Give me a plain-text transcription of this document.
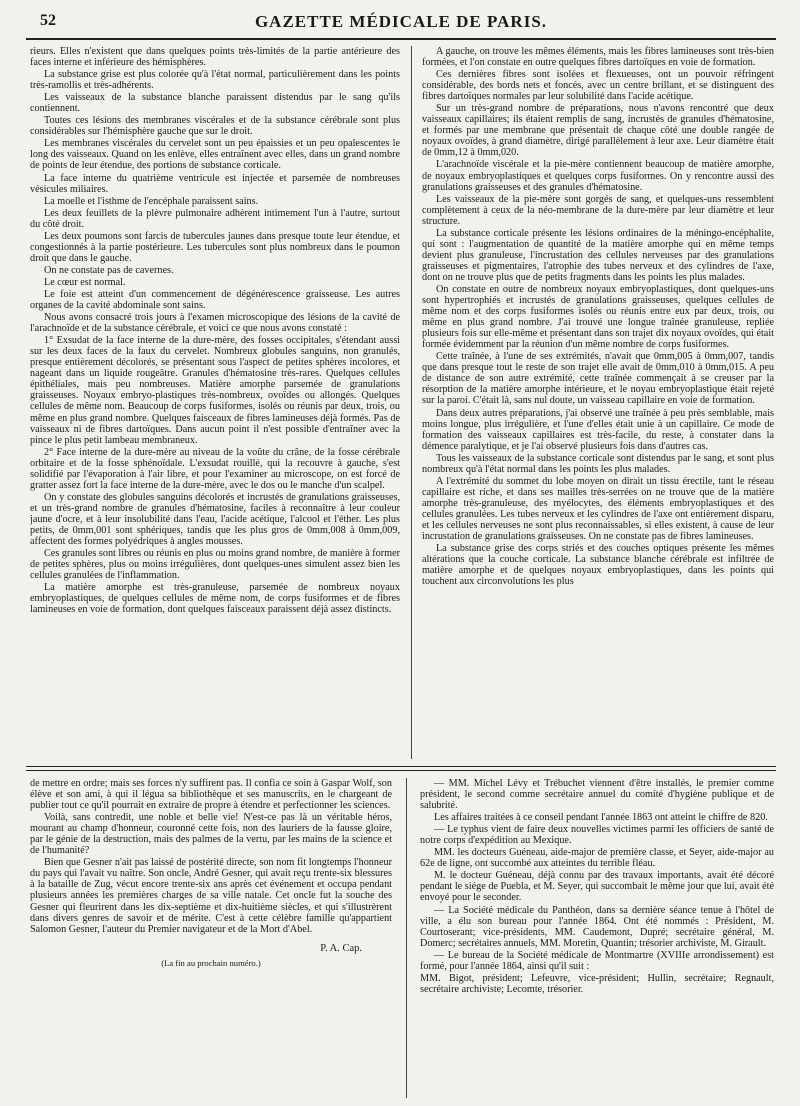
52	GAZETTE MÉDICALE DE PARIS.

rieurs. Elles n'existent que dans quelques points très-limités de la partie antérieure des faces interne et inférieure des hémisphères.

La substance grise est plus colorée qu'à l'état normal, particulièrement dans les points très-ramollis et très-adhérents.

Les vaisseaux de la substance blanche paraissent distendus par le sang qu'ils contiennent.

Toutes ces lésions des membranes viscérales et de la substance cérébrale sont plus considérables sur l'hémisphère gauche que sur le droit.

Les membranes viscérales du cervelet sont un peu épaissies et un peu opalescentes le long des vaisseaux. Quand on les enlève, elles entraînent avec elles, dans un grand nombre de points de leur étendue, des portions de substance corticale.

La face interne du quatrième ventricule est injectée et parsemée de nombreuses vésicules miliaires.

La moelle et l'isthme de l'encéphale paraissent sains.

Les deux feuillets de la plèvre pulmonaire adhèrent intimement l'un à l'autre, surtout du côté droit.

Les deux poumons sont farcis de tubercules jaunes dans presque toute leur étendue, et congestionnés à la partie postérieure. Les tubercules sont plus nombreux dans le poumon droit que dans le gauche.

On ne constate pas de cavernes.

Le cœur est normal.

Le foie est atteint d'un commencement de dégénérescence graisseuse. Les autres organes de la cavité abdominale sont sains.

Nous avons consacré trois jours à l'examen microscopique des lésions de la cavité de l'arachnoïde et de la substance cérébrale, et voici ce que nous avons constaté :

1° Exsudat de la face interne de la dure-mère, des fosses occipitales, s'étendant aussi sur les deux faces de la faux du cervelet. Nombreux globules sanguins, non granulés, presque entièrement décolorés, se présentant sous l'aspect de petites sphères incolores, et nageant dans un liquide rougeâtre. Granules d'hématosine très-rares. Quelques cellules épithéliales, mais peu nombreuses. Matière amorphe parsemée de granulations graisseuses. Noyaux embryo-plastiques très-nombreux, ovoïdes ou allongés. Quelques cellules de même nom. Beaucoup de corps fusiformes, isolés ou réunis par deux, trois, ou même en plus grand nombre. Quelques faisceaux de fibres lamineuses déjà formés. Pas de vaisseaux ni de fibres dartoïques. Dans aucun point il n'est possible d'entraîner avec la pince le plus petit lambeau membraneux.

2° Face interne de la dure-mère au niveau de la voûte du crâne, de la fosse cérébrale orbitaire et de la fosse sphénoïdale. L'exsudat rouillé, qui la recouvre à gauche, s'est solidifié par l'évaporation à l'air libre, et pour l'examiner au microscope, on est forcé de gratter assez fort la face interne de la dure-mère, avec le dos ou le manche d'un scalpel.

On y constate des globules sanguins décolorés et incrustés de granulations graisseuses, et un très-grand nombre de granules d'hématosine, faciles à reconnaître à leur couleur jaune d'ocre, et à leur insolubilité dans l'eau, l'acide acétique, l'alcool et l'éther. Les plus petits, de 0mm,001 sont sphériques, tandis que les plus gros de 0mm,008 à 0mm,009, affectent des formes polyédriques à angles mousses.

Ces granules sont libres ou réunis en plus ou moins grand nombre, de manière à former de petites sphères, plus ou moins irrégulières, dont quelques-unes simulent assez bien les cellules granulées de l'inflammation.

La matière amorphe est très-granuleuse, parsemée de nombreux noyaux embryoplastiques, de quelques cellules de même nom, de corps fusiformes et de fibres lamineuses en voie de formation, dont quelques faisceaux paraissent déjà assez distincts.

A gauche, on trouve les mêmes éléments, mais les fibres lamineuses sont très-bien formées, et l'on constate en outre quelques fibres dartoïques en voie de formation.

Ces dernières fibres sont isolées et flexueuses, ont un pouvoir réfringent considérable, des bords nets et foncés, avec un centre brillant, et se distinguent des fibres dartoïques normales par leur solubilité dans l'acide acétique.

Sur un très-grand nombre de préparations, nous n'avons rencontré que deux vaisseaux capillaires; ils étaient remplis de sang, incrustés de granules d'hématosine, et formés par une membrane que présentait de chaque côté une double rangée de noyaux ovoïdes, à grand diamètre, dirigé parallèlement à leur axe. Leur diamètre était de 0mm,12 à 0mm,020.

L'arachnoïde viscérale et la pie-mère contiennent beaucoup de matière amorphe, de noyaux embryoplastiques et quelques corps fusiformes. On y rencontre aussi des granulations graisseuses et des granules d'hématosine.

Les vaisseaux de la pie-mère sont gorgés de sang, et quelques-uns ressemblent complètement à ceux de la néo-membrane de la dure-mère par leur diamètre et leur structure.

La substance corticale présente les lésions ordinaires de la méningo-encéphalite, qui sont : l'augmentation de quantité de la matière amorphe qui en même temps devient plus granuleuse, l'incrustation des cellules nerveuses par des granulations graisseuses et pigmentaires, l'atrophie des tubes nerveux et des cylindres de l'axe, dont on ne trouve plus que de petits fragments dans les points les plus malades.

On constate en outre de nombreux noyaux embryoplastiques, dont quelques-uns sont hypertrophiés et incrustés de granulations graisseuses, quelques cellules de même nom et des corps fusiformes isolés ou réunis entre eux par deux, trois, ou même en plus grand nombre. J'ai trouvé une longue traînée granuleuse, repliée plusieurs fois sur elle-même et présentant dans son trajet dix noyaux ovoïdes, qui était formée évidemment par la réunion d'un même nombre de corps fusiformes.

Cette traînée, à l'une de ses extrémités, n'avait que 0mm,005 à 0mm,007, tandis que dans presque tout le reste de son trajet elle avait de 0mm,010 à 0mm,015. A peu de distance de son autre extrémité, cette traînée commençait à se creuser par la résorption de la matière amorphe intérieure, et le noyau embryoplastique était rejeté sur la paroi. C'était là, sans nul doute, un vaisseau capillaire en voie de formation.

Dans deux autres préparations, j'ai observé une traînée à peu près semblable, mais moins longue, plus irrégulière, et l'une d'elles était unie à un capillaire. Ce mode de formation des vaisseaux capillaires est très-facile, du reste, à constater dans la démence paralytique, et je l'ai observé plusieurs fois dans d'autres cas.

Tous les vaisseaux de la substance corticale sont distendus par le sang, et sont plus nombreux qu'à l'état normal dans les points les plus malades.

A l'extrémité du sommet du lobe moyen on dirait un tissu érectile, tant le réseau capillaire est riche, et dans ses mailles très-serrées on ne trouve que de la matière amorphe très-granuleuse, des myélocytes, des éléments embryoplastiques et des cellules granulées. Les tubes nerveux et les cylindres de l'axe ont entièrement disparu, et les cellules nerveuses ne sont plus reconnaissables, si elles existent, à cause de leur incrustation de granulations graisseuses. On ne constate pas de fibres lamineuses.

La substance grise des corps striés et des couches optiques présente les mêmes altérations que la couche corticale. La substance blanche cérébrale est infiltrée de matière amorphe et de quelques noyaux embryoplastiques, dans les points qui touchent aux circonvolutions les plus

de mettre en ordre; mais ses forces n'y suffirent pas. Il confia ce soin à Gaspar Wolf, son élève et son ami, à qui il légua sa bibliothèque et ses manuscrits, en le chargeant de publier tout ce qu'il pourrait en extraire de propre à étendre et perfectionner les sciences.

Voilà, sans contredit, une noble et belle vie! N'est-ce pas là un véritable héros, mourant au champ d'honneur, couronné cette fois, non des lauriers de la fausse gloire, par le génie de la destruction, mais des palmes de la vertu, par les mains de la science et de l'humanité?

Bien que Gesner n'ait pas laissé de postérité directe, son nom fit longtemps l'honneur du pays qui l'avait vu naître. Son oncle, André Gesner, qui avait reçu trente-six blessures à la bataille de Zug, vécut encore trente-six ans après cet événement et occupa pendant plusieurs années les premières charges de sa ville natale. Cet oncle fut la souche des Gesner qui fleurirent dans les dix-septième et dix-huitième siècles, et qui s'illustrèrent dans divers genres de savoir et de mérite. C'est à cette célèbre famille qu'appartient Salomon Gesner, l'auteur du Premier navigateur et de la Mort d'Abel.

P. A. Cap.

(La fin au prochain numéro.)

— MM. Michel Lévy et Trébuchet viennent d'être installés, le premier comme président, le second comme secrétaire annuel du comité d'hygiène publique et de salubrité.

Les affaires traitées à ce conseil pendant l'année 1863 ont atteint le chiffre de 820.

— Le typhus vient de faire deux nouvelles victimes parmi les officiers de santé de notre corps d'expédition au Mexique.

MM. les docteurs Guéneau, aide-major de première classe, et Seyer, aide-major au 62e de ligne, ont succombé aux atteintes du terrible fléau.

M. le docteur Guéneau, déjà connu par des travaux importants, avait été décoré pendant le siége de Puebla, et M. Seyer, qui succombait le même jour que lui, avait été envoyé pour le seconder.

— La Société médicale du Panthéon, dans sa dernière séance tenue à l'hôtel de ville, a élu son bureau pour l'année 1864. Ont été nommés : Président, M. Courtoserant; vice-présidents, MM. Caudemont, Dupré; secrétaire général, M. Domerc; secrétaires annuels, MM. Moretin, Quantin; trésorier archiviste, M. Girault.

— Le bureau de la Société médicale de Montmartre (XVIIIe arrondissement) est formé, pour l'année 1864, ainsi qu'il suit :

MM. Bigot, président; Lefeuvre, vice-président; Hullin, secrétaire; Regnault, secrétaire archiviste; Lecomte, trésorier.
